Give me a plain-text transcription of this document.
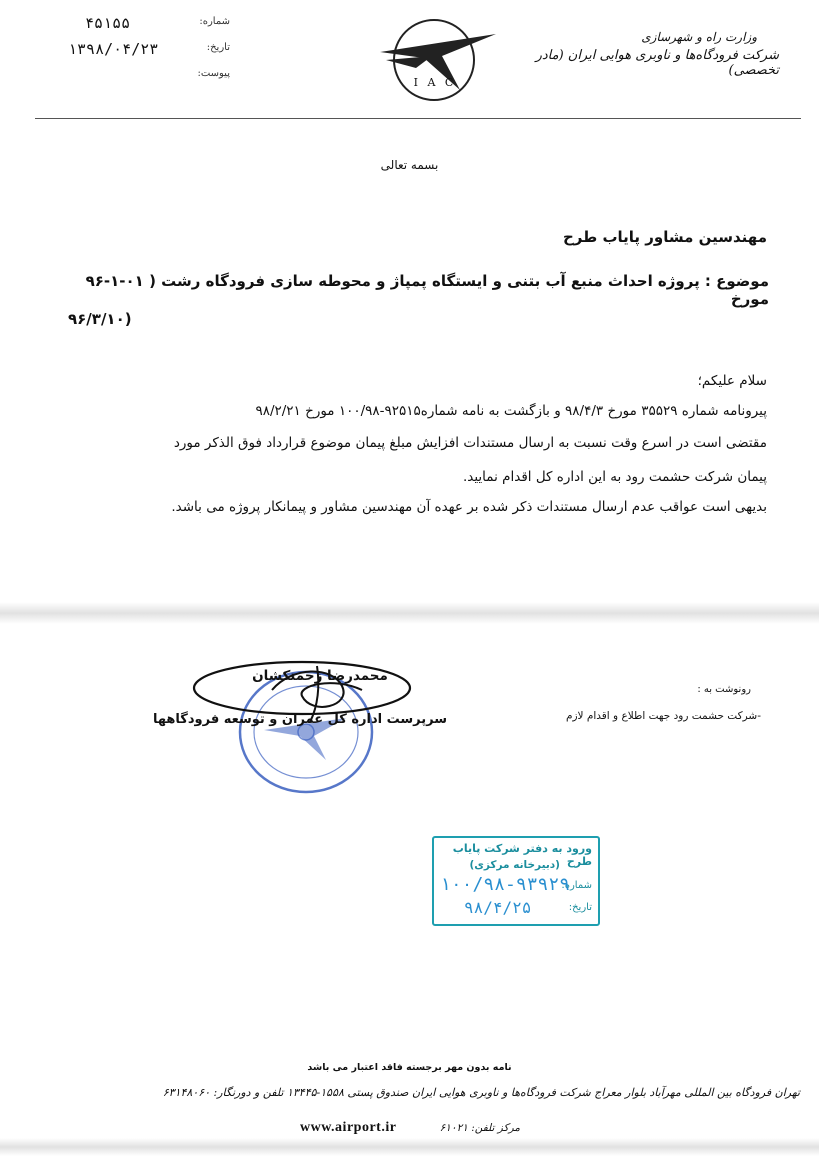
شماره:
۴۵۱۵۵
تاریخ:
۱۳۹۸/۰۴/۲۳
پیوست:
I A C
وزارت راه و شهرسازی
شرکت فرودگاه‌ها و ناوبری هوایی ایران (مادر تخصصی)
بسمه تعالی
مهندسین مشاور پایاب طرح
موضوع : پروژه احداث منبع آب بتنی و ایستگاه پمپاژ و محوطه سازی فرودگاه رشت ( ۰۱-۱-۹۶ مورخ
۹۶/۳/۱۰)
سلام علیکم؛
پیرونامه شماره ۳۵۵۲۹ مورخ ۹۸/۴/۳ و بازگشت به نامه شماره۹۲۵۱۵-۱۰۰/۹۸ مورخ ۹۸/۲/۲۱
مقتضی است در اسرع وقت نسبت به ارسال مستندات افزایش مبلغ پیمان موضوع قرارداد فوق الذکر مورد
پیمان شرکت حشمت رود به این اداره کل اقدام نمایید.
بدیهی است عواقب عدم ارسال مستندات ذکر شده بر عهده آن مهندسین مشاور و پیمانکار پروژه می باشد.
محمدرضا زحمتکشان
سرپرست اداره کل عمران و توسعه فرودگاهها
رونوشت به :
-شرکت حشمت رود جهت اطلاع و اقدام لازم
ورود به دفتر شرکت پایاب طرح
(دبیرخانه مرکزی)
شماره:
۱۰۰/۹۸-۹۳۹۲۹
تاریخ:
۹۸/۴/۲۵
نامه بدون مهر برجسته فاقد اعتبار می باشد
تهران فرودگاه بین المللی مهرآباد بلوار معراج شرکت فرودگاه‌ها و ناوبری هوایی ایران صندوق پستی ۱۵۵۸-۱۳۴۴۵ تلفن و دورنگار: ۶۳۱۴۸۰۶۰
www.airport.ir	مرکز تلفن: ۶۱۰۲۱
